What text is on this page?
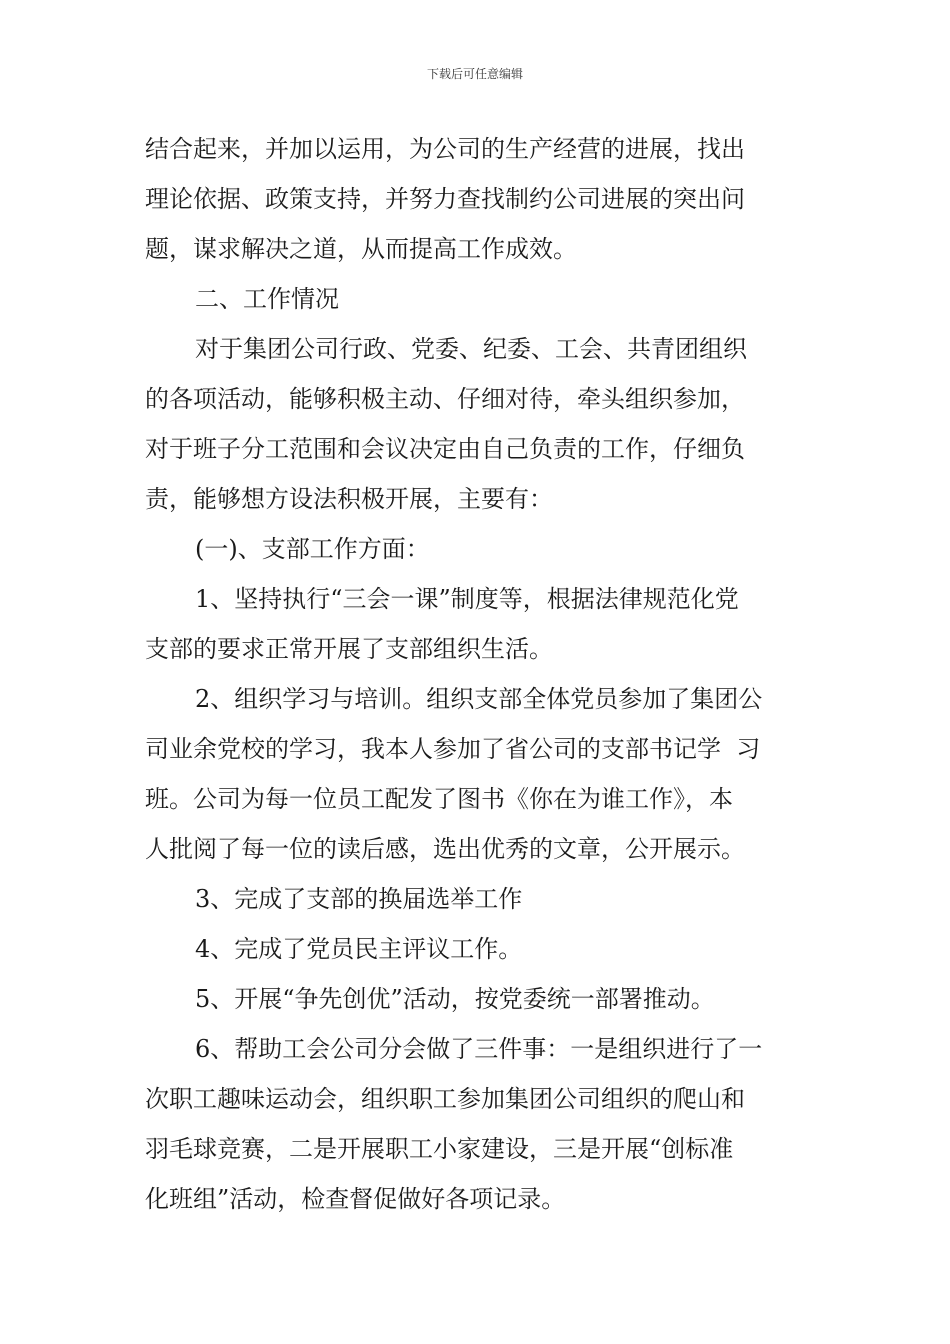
下载后可任意编辑
结合起来，并加以运用，为公司的生产经营的进展，找出
理论依据、政策支持，并努力查找制约公司进展的突出问
题，谋求解决之道，从而提高工作成效。
二、工作情况
对于集团公司行政、党委、纪委、工会、共青团组织
的各项活动，能够积极主动、仔细对待，牵头组织参加，
对于班子分工范围和会议决定由自己负责的工作，仔细负
责，能够想方设法积极开展，主要有：
(一)、支部工作方面：
1、坚持执行“三会一课”制度等，根据法律规范化党
支部的要求正常开展了支部组织生活。
2、组织学习与培训。组织支部全体党员参加了集团公
司业余党校的学习，我本人参加了省公司的支部书记学  习
班。公司为每一位员工配发了图书《你在为谁工作》，本
人批阅了每一位的读后感，选出优秀的文章，公开展示。
3、完成了支部的换届选举工作
4、完成了党员民主评议工作。
5、开展“争先创优”活动，按党委统一部署推动。
6、帮助工会公司分会做了三件事：一是组织进行了一
次职工趣味运动会，组织职工参加集团公司组织的爬山和
羽毛球竞赛，二是开展职工小家建设，三是开展“创标准
化班组”活动，检查督促做好各项记录。
